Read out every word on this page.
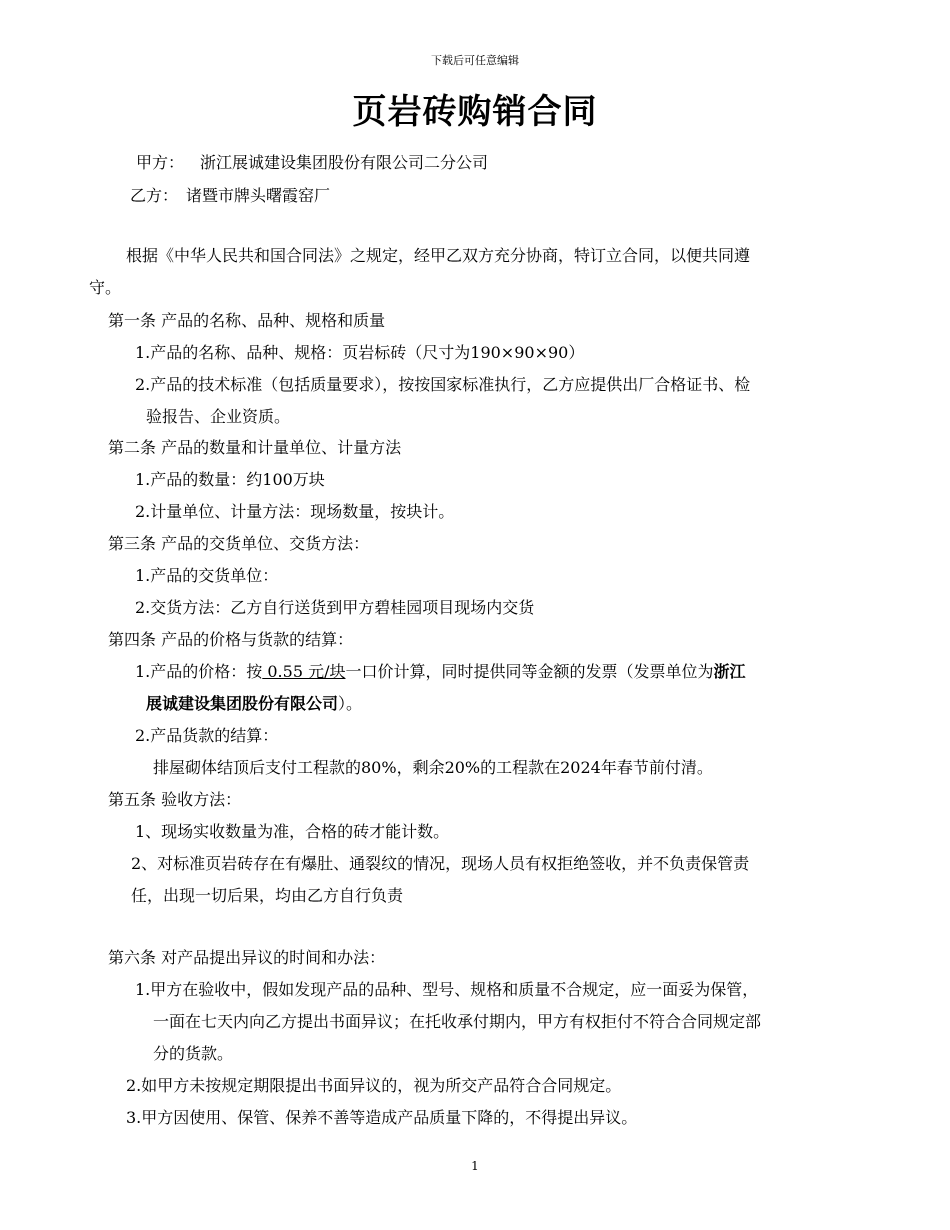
下载后可任意编辑
页岩砖购销合同
甲方： 浙江展诚建设集团股份有限公司二分公司
乙方： 诸暨市牌头曙霞窑厂
根据《中华人民共和国合同法》之规定，经甲乙双方充分协商，特订立合同，以便共同遵
守。
第一条 产品的名称、品种、规格和质量
1.产品的名称、品种、规格：页岩标砖（尺寸为190×90×90）
2.产品的技术标准（包括质量要求），按按国家标准执行，乙方应提供出厂合格证书、检
验报告、企业资质。
第二条 产品的数量和计量单位、计量方法
1.产品的数量：约100万块
2.计量单位、计量方法：现场数量，按块计。
第三条 产品的交货单位、交货方法：
1.产品的交货单位：
2.交货方法：乙方自行送货到甲方碧桂园项目现场内交货
第四条 产品的价格与货款的结算：
1.产品的价格：按 0.55 元/块一口价计算，同时提供同等金额的发票（发票单位为浙江
展诚建设集团股份有限公司）。
2.产品货款的结算：
排屋砌体结顶后支付工程款的80%，剩余20%的工程款在2024年春节前付清。
第五条 验收方法：
1、现场实收数量为准，合格的砖才能计数。
2、对标准页岩砖存在有爆肚、通裂纹的情况，现场人员有权拒绝签收，并不负责保管责
任，出现一切后果，均由乙方自行负责
第六条 对产品提出异议的时间和办法：
1.甲方在验收中，假如发现产品的品种、型号、规格和质量不合规定，应一面妥为保管，
一面在七天内向乙方提出书面异议；在托收承付期内，甲方有权拒付不符合合同规定部
分的货款。
2.如甲方未按规定期限提出书面异议的，视为所交产品符合合同规定。
3.甲方因使用、保管、保养不善等造成产品质量下降的，不得提出异议。
1
